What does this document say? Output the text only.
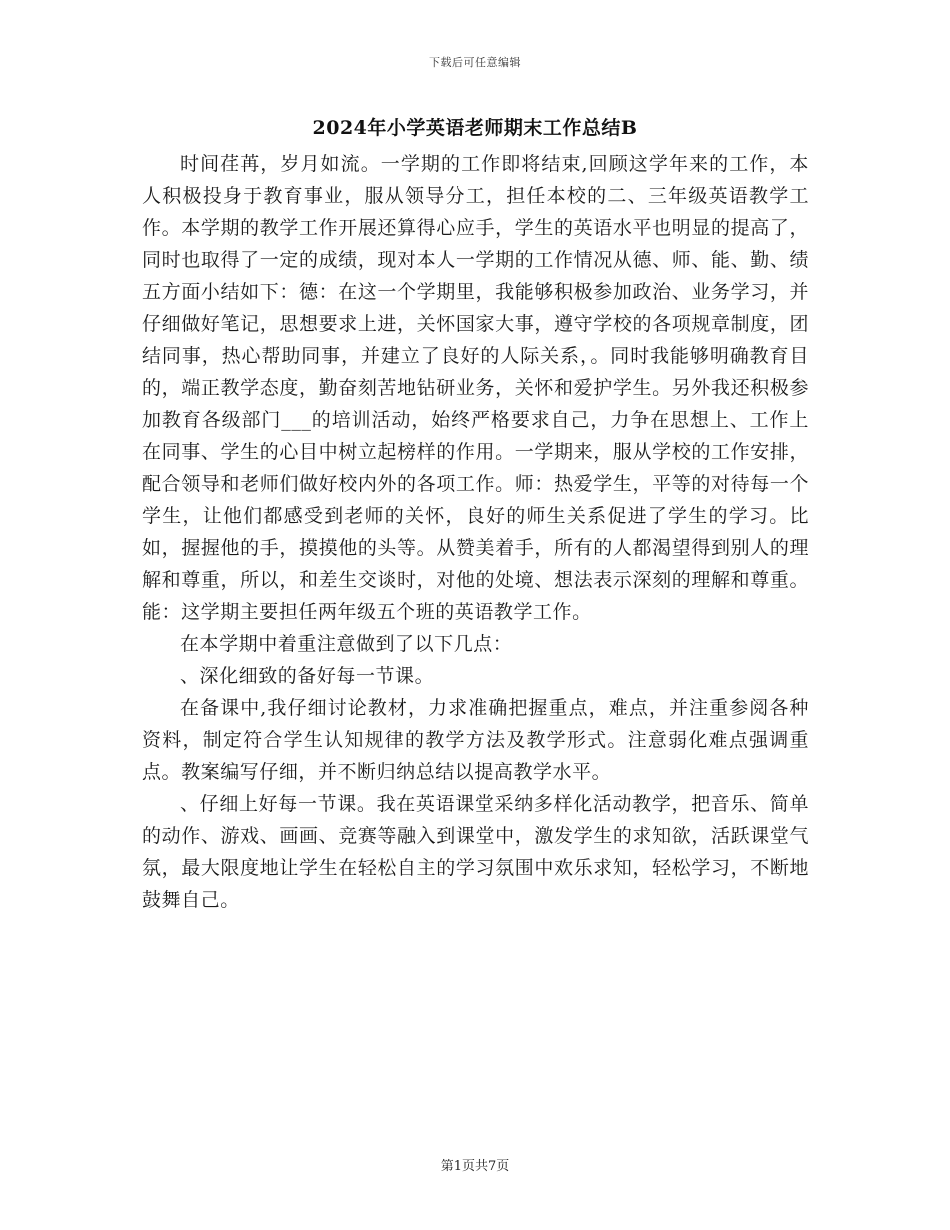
下载后可任意编辑
2024年小学英语老师期末工作总结B

时间荏苒，岁月如流。一学期的工作即将结束,回顾这学年来的工作，本人积极投身于教育事业，服从领导分工，担任本校的二、三年级英语教学工作。本学期的教学工作开展还算得心应手，学生的英语水平也明显的提高了，同时也取得了一定的成绩，现对本人一学期的工作情况从德、师、能、勤、绩五方面小结如下：德：在这一个学期里，我能够积极参加政治、业务学习，并仔细做好笔记，思想要求上进，关怀国家大事，遵守学校的各项规章制度，团结同事，热心帮助同事，并建立了良好的人际关系，。同时我能够明确教育目的，端正教学态度，勤奋刻苦地钻研业务，关怀和爱护学生。另外我还积极参加教育各级部门___的培训活动，始终严格要求自己，力争在思想上、工作上在同事、学生的心目中树立起榜样的作用。一学期来，服从学校的工作安排，配合领导和老师们做好校内外的各项工作。师：热爱学生，平等的对待每一个学生，让他们都感受到老师的关怀，良好的师生关系促进了学生的学习。比如，握握他的手，摸摸他的头等。从赞美着手，所有的人都渴望得到别人的理解和尊重，所以，和差生交谈时，对他的处境、想法表示深刻的理解和尊重。能：这学期主要担任两年级五个班的英语教学工作。

在本学期中着重注意做到了以下几点：

、深化细致的备好每一节课。

在备课中,我仔细讨论教材，力求准确把握重点，难点，并注重参阅各种资料，制定符合学生认知规律的教学方法及教学形式。注意弱化难点强调重点。教案编写仔细，并不断归纳总结以提高教学水平。

、仔细上好每一节课。我在英语课堂采纳多样化活动教学，把音乐、简单的动作、游戏、画画、竞赛等融入到课堂中，激发学生的求知欲，活跃课堂气氛，最大限度地让学生在轻松自主的学习氛围中欢乐求知，轻松学习，不断地鼓舞自己。

第1页共7页
